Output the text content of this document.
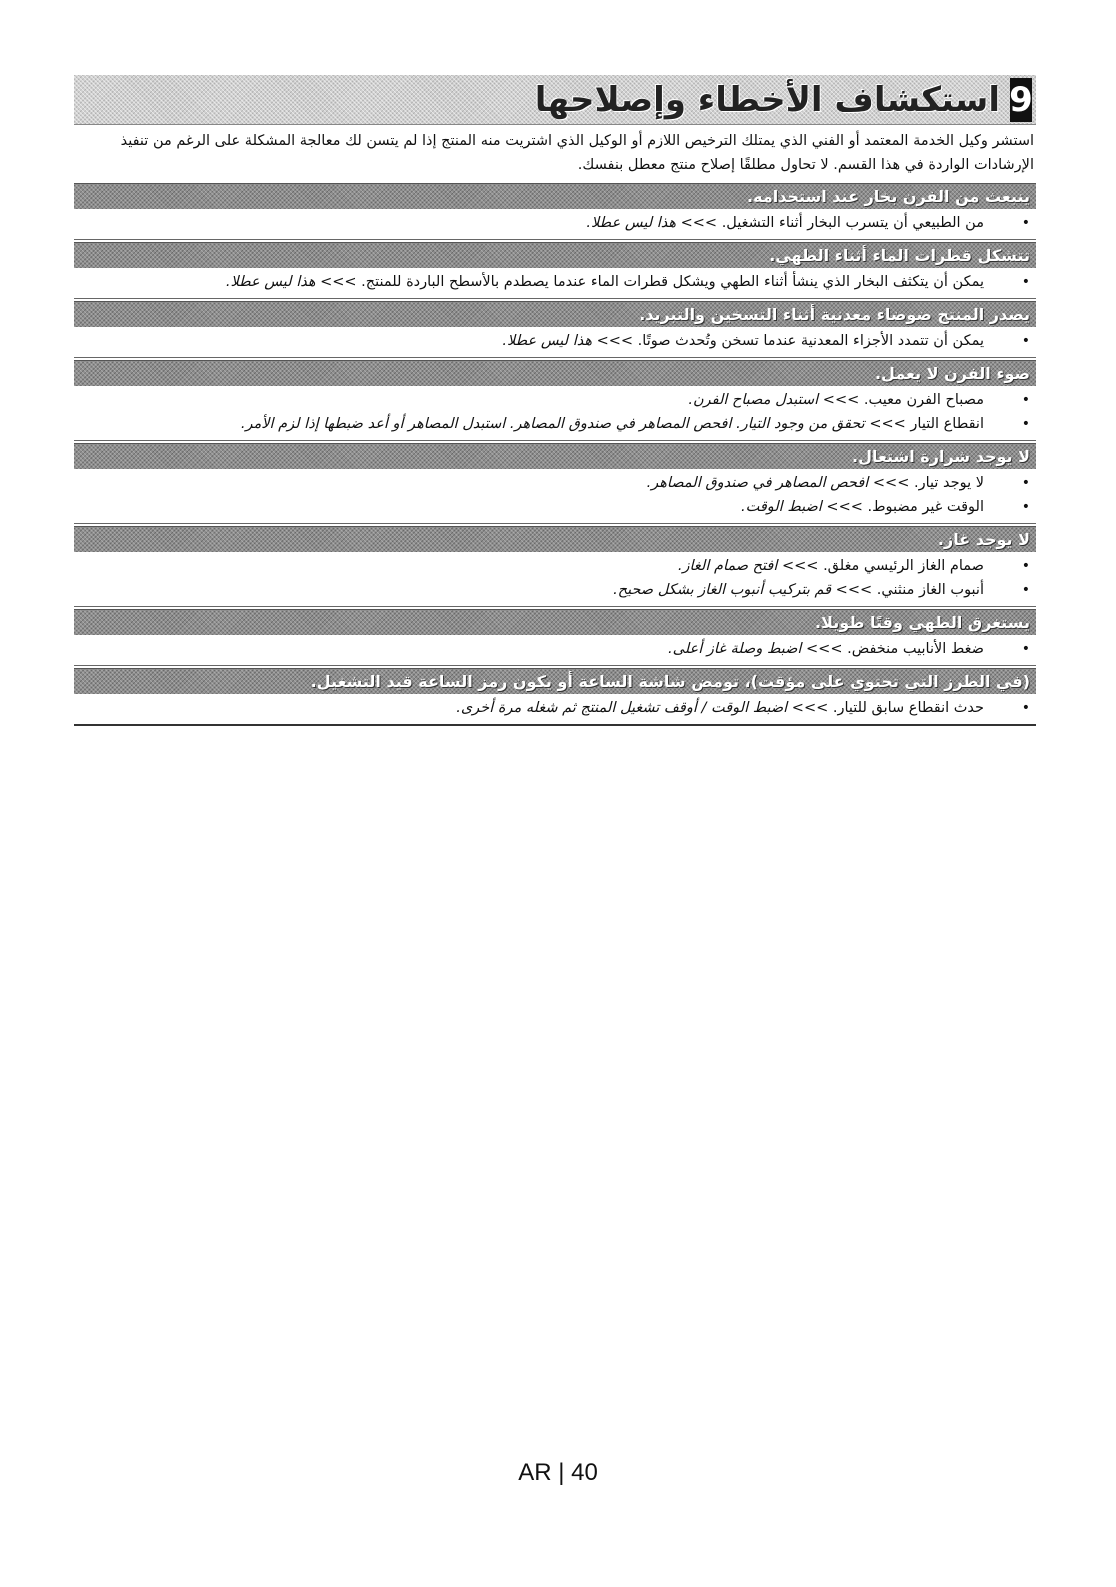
9
استكشاف الأخطاء وإصلاحها

استشر وكيل الخدمة المعتمد أو الفني الذي يمتلك الترخيص اللازم أو الوكيل الذي اشتريت منه المنتج إذا لم يتسن لك معالجة المشكلة على الرغم من تنفيذ الإرشادات الواردة في هذا القسم. لا تحاول مطلقًا إصلاح منتج معطل بنفسك.

ينبعث من الفرن بخار عند استخدامه.
• من الطبيعي أن يتسرب البخار أثناء التشغيل. <<< هذا ليس عطلا.
تتشكل قطرات الماء أثناء الطهي.
• يمكن أن يتكثف البخار الذي ينشأ أثناء الطهي ويشكل قطرات الماء عندما يصطدم بالأسطح الباردة للمنتج. <<< هذا ليس عطلا.
يصدر المنتج ضوضاء معدنية أثناء التسخين والتبريد.
• يمكن أن تتمدد الأجزاء المعدنية عندما تسخن وتُحدث صوتًا. <<< هذا ليس عطلا.
ضوء الفرن لا يعمل.
• مصباح الفرن معيب. <<< استبدل مصباح الفرن.
• انقطاع التيار <<< تحقق من وجود التيار. افحص المصاهر في صندوق المصاهر. استبدل المصاهر أو أعد ضبطها إذا لزم الأمر.
لا يوجد شرارة اشتعال.
• لا يوجد تيار. <<< افحص المصاهر في صندوق المصاهر.
• الوقت غير مضبوط. <<< اضبط الوقت.
لا يوجد غاز.
• صمام الغاز الرئيسي مغلق. <<< افتح صمام الغاز.
• أنبوب الغاز منثني. <<< قم بتركيب أنبوب الغاز بشكل صحيح.
يستغرق الطهي وقتًا طويلا.
• ضغط الأنابيب منخفض. <<< اضبط وصلة غاز أعلى.
(في الطرز التي تحتوي على مؤقت)، تومض شاشة الساعة أو يكون رمز الساعة قيد التشغيل.
• حدث انقطاع سابق للتيار. <<< اضبط الوقت / أوقف تشغيل المنتج ثم شغله مرة أخرى.
AR | 40
